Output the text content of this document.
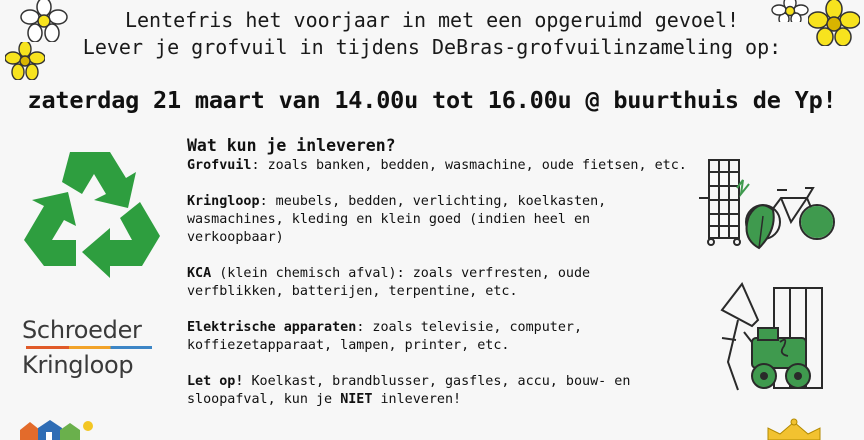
Lentefris het voorjaar in met een opgeruimd gevoel!
Lever je grofvuil in tijdens DeBras-grofvuilinzameling op:
zaterdag 21 maart van 14.00u tot 16.00u @ buurthuis de Yp!
Schroeder
Kringloop
Wat kun je inleveren?

Grofvuil: zoals banken, bedden, wasmachine, oude fietsen, etc.

Kringloop: meubels, bedden, verlichting, koelkasten, wasmachines, kleding en klein goed (indien heel en verkoopbaar)

KCA (klein chemisch afval): zoals verfresten, oude verfblikken, batterijen, terpentine, etc.

Elektrische apparaten: zoals televisie, computer, koffiezetapparaat, lampen, printer, etc.

Let op! Koelkast, brandblusser, gasfles, accu, bouw- en sloopafval, kun je NIET inleveren!
